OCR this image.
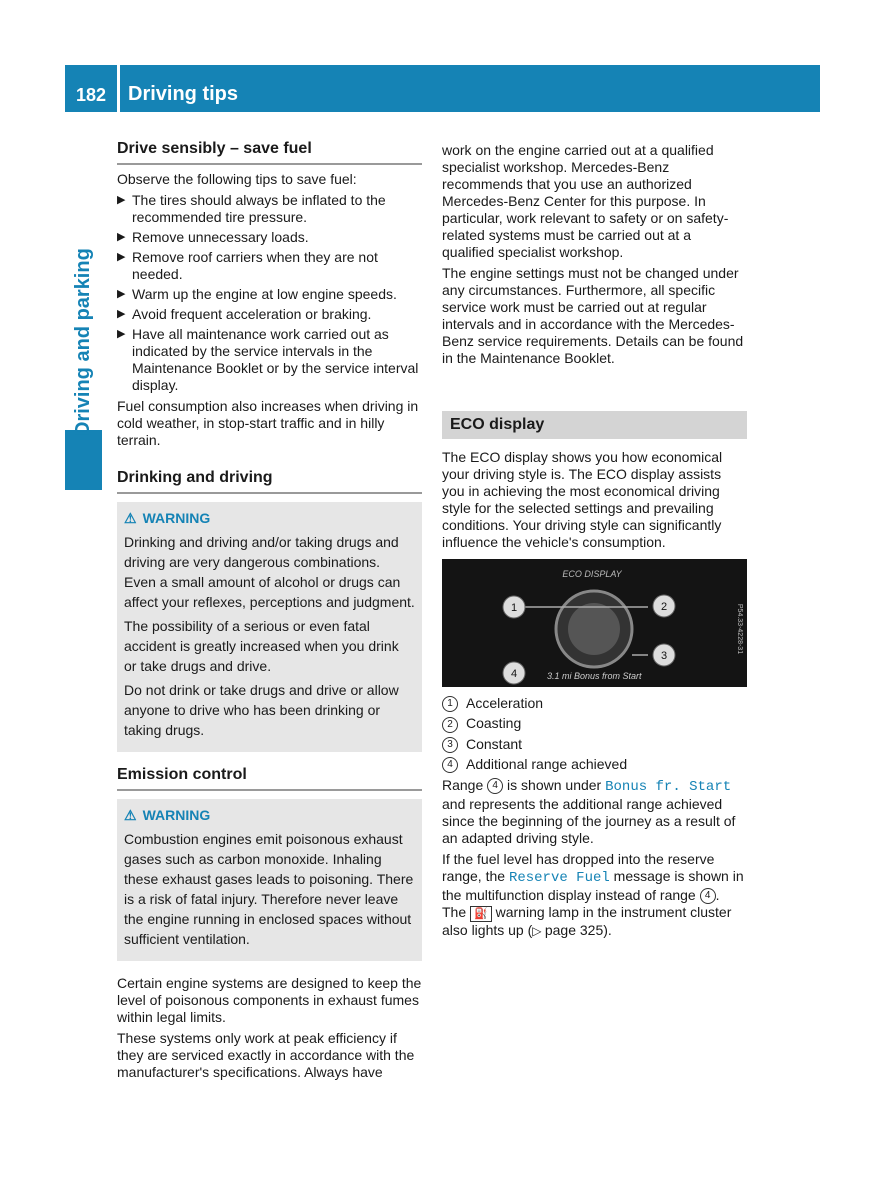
182	Driving tips
Driving and parking
Drive sensibly – save fuel

Observe the following tips to save fuel:

▶ The tires should always be inflated to the recommended tire pressure.
▶ Remove unnecessary loads.
▶ Remove roof carriers when they are not needed.
▶ Warm up the engine at low engine speeds.
▶ Avoid frequent acceleration or braking.
▶ Have all maintenance work carried out as indicated by the service intervals in the Maintenance Booklet or by the service interval display.

Fuel consumption also increases when driving in cold weather, in stop-start traffic and in hilly terrain.

Drinking and driving
⚠ WARNING

Drinking and driving and/or taking drugs and driving are very dangerous combinations. Even a small amount of alcohol or drugs can affect your reflexes, perceptions and judgment.

The possibility of a serious or even fatal accident is greatly increased when you drink or take drugs and drive.

Do not drink or take drugs and drive or allow anyone to drive who has been drinking or taking drugs.

Emission control
⚠ WARNING

Combustion engines emit poisonous exhaust gases such as carbon monoxide. Inhaling these exhaust gases leads to poisoning. There is a risk of fatal injury. Therefore never leave the engine running in enclosed spaces without sufficient ventilation.

Certain engine systems are designed to keep the level of poisonous components in exhaust fumes within legal limits.

These systems only work at peak efficiency if they are serviced exactly in accordance with the manufacturer's specifications. Always have

work on the engine carried out at a qualified specialist workshop. Mercedes-Benz recommends that you use an authorized Mercedes-Benz Center for this purpose. In particular, work relevant to safety or on safety-related systems must be carried out at a qualified specialist workshop.

The engine settings must not be changed under any circumstances. Furthermore, all specific service work must be carried out at regular intervals and in accordance with the Mercedes-Benz service requirements. Details can be found in the Maintenance Booklet.

ECO display

The ECO display shows you how economical your driving style is. The ECO display assists you in achieving the most economical driving style for the selected settings and prevailing conditions. Your driving style can significantly influence the vehicle's consumption.

ECO DISPLAY
1	2
3
4	3.1 mi Bonus from Start
P54.33-4228-31
1 Acceleration
2 Coasting
3 Constant
4 Additional range achieved

Range 4 is shown under Bonus fr. Start and represents the additional range achieved since the beginning of the journey as a result of an adapted driving style.

If the fuel level has dropped into the reserve range, the Reserve Fuel message is shown in the multifunction display instead of range 4 . The ⛽ warning lamp in the instrument cluster also lights up (▷ page 325).
